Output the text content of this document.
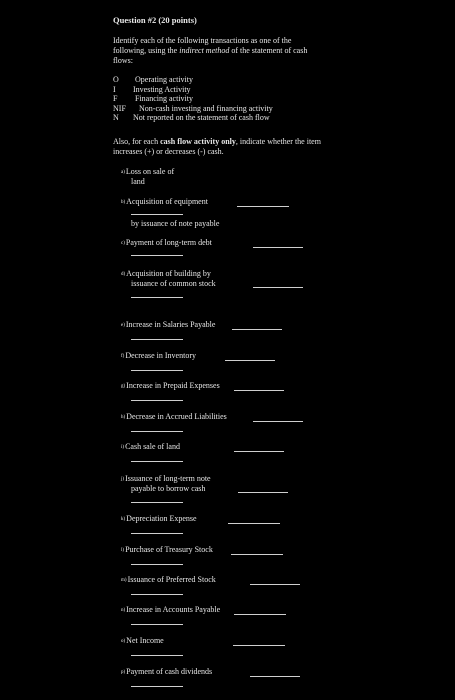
Question #2 (20 points)
Identify each of the following transactions as one of the following, using the indirect method of the statement of cash flows:
O Operating activity
I Investing Activity
F Financing activity
NIF Non-cash investing and financing activity
N Not reported on the statement of cash flow
Also, for each cash flow activity only, indicate whether the item increases (+) or decreases (-) cash.
a)Loss on sale of
land
b)Acquisition of equipment
by issuance of note payable
c)Payment of long-term debt
d)Acquisition of building by
issuance of common stock
e)Increase in Salaries Payable
f)Decrease in Inventory
g)Increase in Prepaid Expenses
h)Decrease in Accrued Liabilities
i)Cash sale of land
j)Issuance of long-term note
payable to borrow cash
k)Depreciation Expense
l)Purchase of Treasury Stock
m)Issuance of Preferred Stock
n)Increase in Accounts Payable
o)Net Income
p)Payment of cash dividends
